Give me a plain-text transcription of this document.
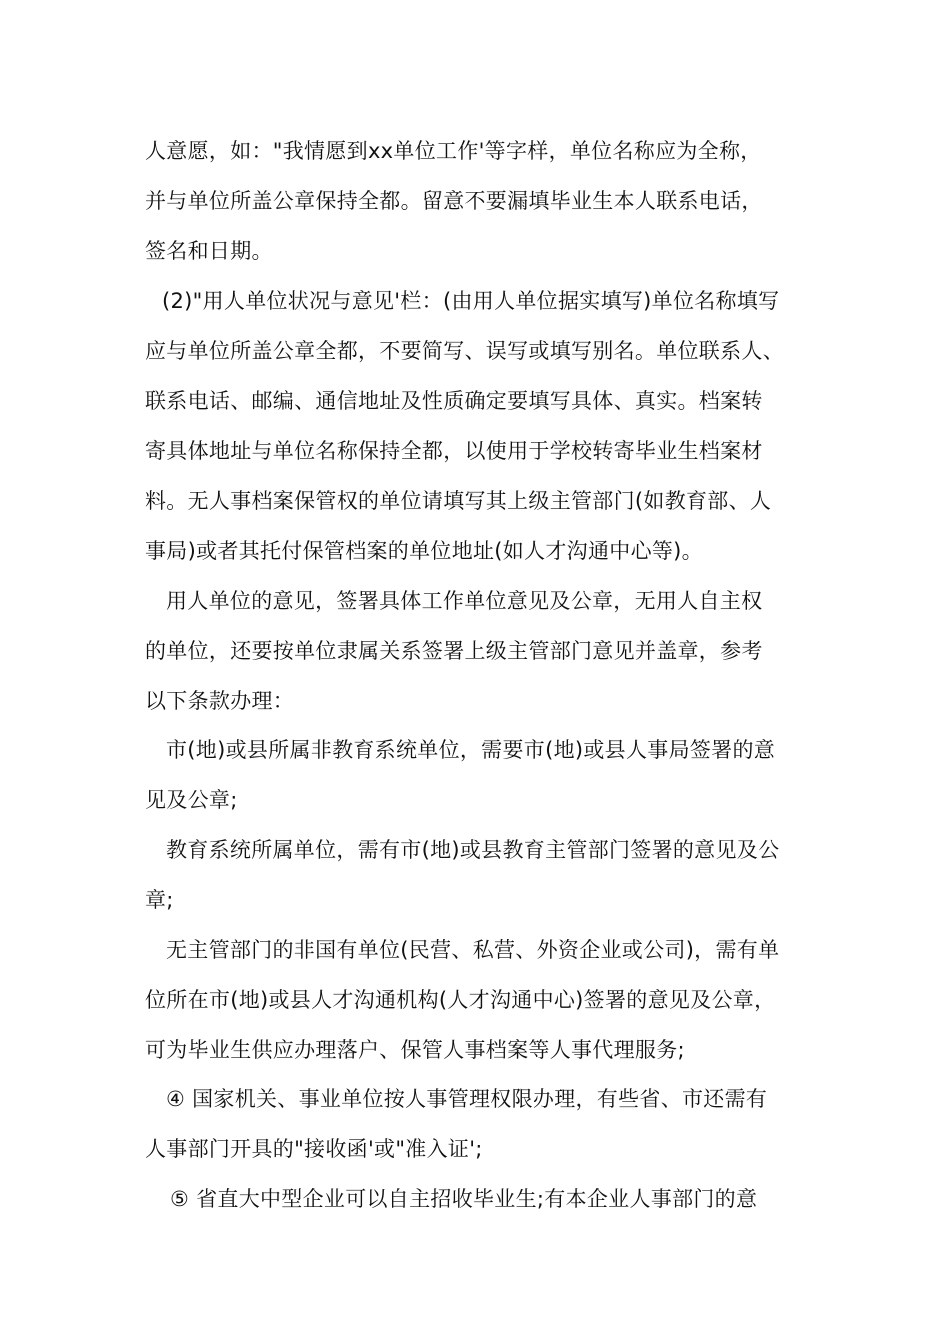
人意愿，如："我情愿到xx单位工作'等字样，单位名称应为全称，
并与单位所盖公章保持全都。留意不要漏填毕业生本人联系电话，
签名和日期。
(2)"用人单位状况与意见'栏：(由用人单位据实填写)单位名称填写
应与单位所盖公章全都，不要简写、误写或填写别名。单位联系人、
联系电话、邮编、通信地址及性质确定要填写具体、真实。档案转
寄具体地址与单位名称保持全都，以使用于学校转寄毕业生档案材
料。无人事档案保管权的单位请填写其上级主管部门(如教育部、人
事局)或者其托付保管档案的单位地址(如人才沟通中心等)。
用人单位的意见，签署具体工作单位意见及公章，无用人自主权
的单位，还要按单位隶属关系签署上级主管部门意见并盖章，参考
以下条款办理：
市(地)或县所属非教育系统单位，需要市(地)或县人事局签署的意
见及公章;
教育系统所属单位，需有市(地)或县教育主管部门签署的意见及公
章;
无主管部门的非国有单位(民营、私营、外资企业或公司)，需有单
位所在市(地)或县人才沟通机构(人才沟通中心)签署的意见及公章，
可为毕业生供应办理落户、保管人事档案等人事代理服务;
④ 国家机关、事业单位按人事管理权限办理，有些省、市还需有
人事部门开具的"接收函'或"准入证';
⑤ 省直大中型企业可以自主招收毕业生;有本企业人事部门的意
